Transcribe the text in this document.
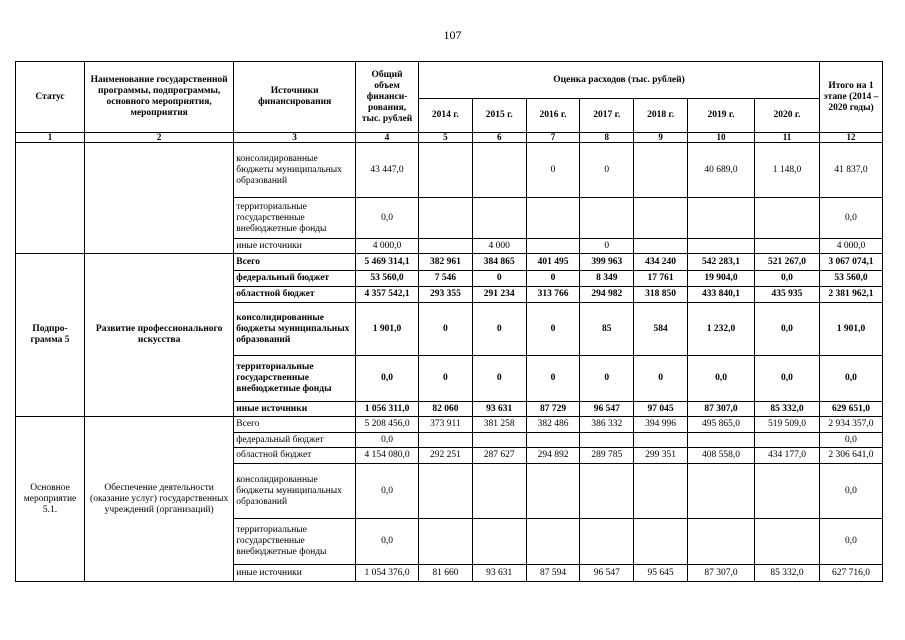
107
Статус	Наименование государственной программы, подпрограммы, основного мероприятия, мероприятия	Источники финансирования	Общий объем финанси-рования, тыс. рублей	Оценка расходов (тыс. рублей)							Итого на 1 этапе (2014 – 2020 годы)
				2014 г.	2015 г.	2016 г.	2017 г.	2018 г.	2019 г.	2020 г.	
1	2	3	4	5	6	7	8	9	10	11	12
		консолидированные бюджеты муниципальных образований	43 447,0			0	0		40 689,0	1 148,0	41 837,0
		территориальные государственные внебюджетные фонды	0,0								0,0
		иные источники	4 000,0		4 000		0				4 000,0
Подпро-грамма 5	Развитие профессионального искусства	Всего	5 469 314,1	382 961	384 865	401 495	399 963	434 240	542 283,1	521 267,0	3 067 074,1
		федеральный бюджет	53 560,0	7 546	0	0	8 349	17 761	19 904,0	0,0	53 560,0
		областной бюджет	4 357 542,1	293 355	291 234	313 766	294 982	318 850	433 840,1	435 935	2 381 962,1
		консолидированные бюджеты муниципальных образований	1 901,0	0	0	0	85	584	1 232,0	0,0	1 901,0
		территориальные государственные внебюджетные фонды	0,0	0	0	0	0	0	0,0	0,0	0,0
		иные источники	1 056 311,0	82 060	93 631	87 729	96 547	97 045	87 307,0	85 332,0	629 651,0
Основное мероприятие 5.1.	Обеспечение деятельности (оказание услуг) государственных учреждений (организаций)	Всего	5 208 456,0	373 911	381 258	382 486	386 332	394 996	495 865,0	519 509,0	2 934 357,0
		федеральный бюджет	0,0								0,0
		областной бюджет	4 154 080,0	292 251	287 627	294 892	289 785	299 351	408 558,0	434 177,0	2 306 641,0
		консолидированные бюджеты муниципальных образований	0,0								0,0
		территориальные государственные внебюджетные фонды	0,0								0,0
		иные источники	1 054 376,0	81 660	93 631	87 594	96 547	95 645	87 307,0	85 332,0	627 716,0
